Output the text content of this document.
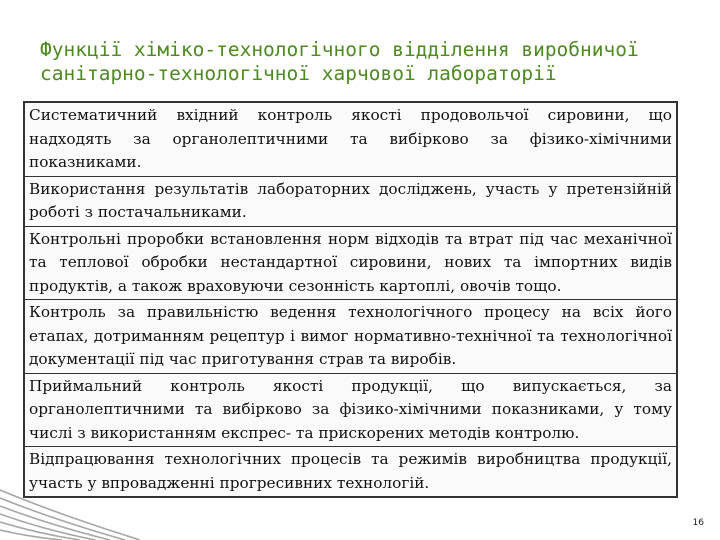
Функції хіміко-технологічного відділення виробничої
санітарно-технологічної харчової лабораторії
Систематичний вхідний контроль якості продовольчої сировини, що надходять за органолептичними та вибірково за фізико-хімічними показниками.
Використання результатів лабораторних досліджень, участь у претензійній роботі з постачальниками.
Контрольні проробки встановлення норм відходів та втрат під час механічної та теплової обробки нестандартної сировини, нових та імпортних видів продуктів, а також враховуючи сезонність картоплі, овочів тощо.
Контроль за правильністю ведення технологічного процесу на всіх його етапах, дотриманням рецептур і вимог нормативно-технічної та технологічної документації під час приготування страв та виробів.
Приймальний контроль якості продукції, що випускається, за органолептичними та вибірково за фізико-хімічними показниками, у тому числі з використанням експрес- та прискорених методів контролю.
Відпрацювання технологічних процесів та режимів виробництва продукції, участь у впровадженні прогресивних технологій.
16
